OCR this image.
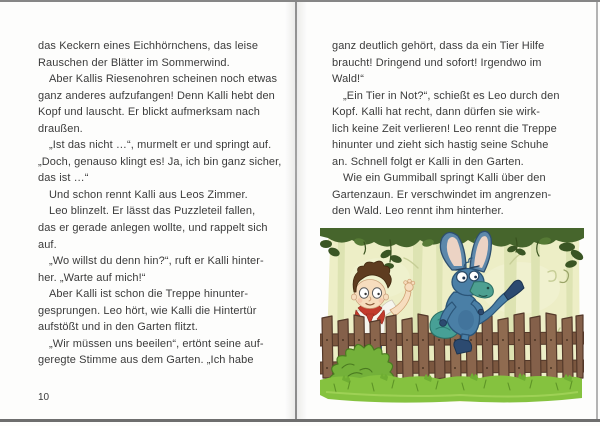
das Keckern eines Eichhörnchens, das leise
Rauschen der Blätter im Sommerwind.
Aber Kallis Riesenohren scheinen noch etwas
ganz anderes aufzufangen! Denn Kalli hebt den
Kopf und lauscht. Er blickt aufmerksam nach
draußen.
„Ist das nicht …“, murmelt er und springt auf.
„Doch, genauso klingt es! Ja, ich bin ganz sicher,
das ist …“
Und schon rennt Kalli aus Leos Zimmer.
Leo blinzelt. Er lässt das Puzzleteil fallen,
das er gerade anlegen wollte, und rappelt sich
auf.
„Wo willst du denn hin?“, ruft er Kalli hinter-
her. „Warte auf mich!“
Aber Kalli ist schon die Treppe hinunter-
gesprungen. Leo hört, wie Kalli die Hintertür
aufstößt und in den Garten flitzt.
„Wir müssen uns beeilen“, ertönt seine auf-
geregte Stimme aus dem Garten. „Ich habe
10
ganz deutlich gehört, dass da ein Tier Hilfe
braucht! Dringend und sofort! Irgendwo im
Wald!“
„Ein Tier in Not?“, schießt es Leo durch den
Kopf. Kalli hat recht, dann dürfen sie wirk-
lich keine Zeit verlieren! Leo rennt die Treppe
hinunter und zieht sich hastig seine Schuhe
an. Schnell folgt er Kalli in den Garten.
Wie ein Gummiball springt Kalli über den
Gartenzaun. Er verschwindet im angrenzen-
den Wald. Leo rennt ihm hinterher.
